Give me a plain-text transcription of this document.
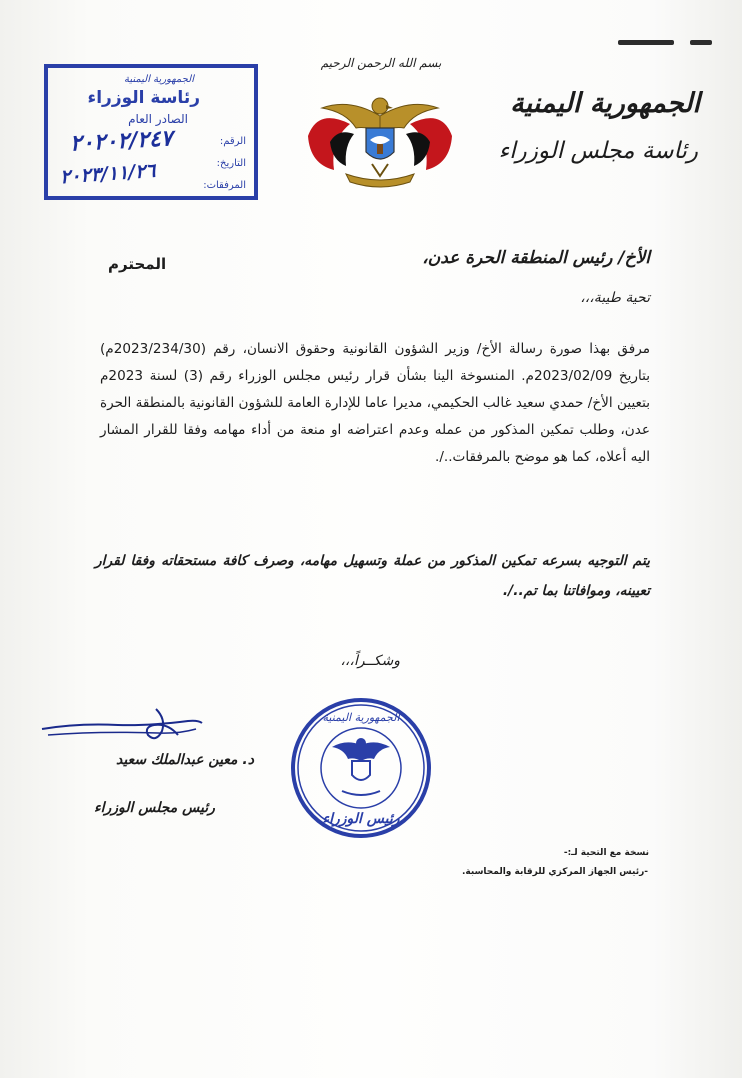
الجمهورية اليمنية
رئاسة مجلس الوزراء
بسم الله الرحمن الرحيم
الجمهورية اليمنية
رئاسة الوزراء
الصادر العام
الرقم:
التاريخ:
المرفقات:
٢٠٢٠٢/٢٤٧
٢٠٢٣/١١/٢٦
الأخ/ رئيس المنطقة الحرة عدن،
المحترم
تحية طيبة،،،
مرفق بهذا صورة رسالة الأخ/ وزير الشؤون القانونية وحقوق الانسان، رقم (2023/234/30م) بتاريخ 2023/02/09م. المنسوخة الينا بشأن قرار رئيس مجلس الوزراء رقم (3) لسنة 2023م بتعيين الأخ/ حمدي سعيد غالب الحكيمي، مديرا عاما للإدارة العامة للشؤون القانونية بالمنطقة الحرة عدن، وطلب تمكين المذكور من عمله وعدم اعتراضه او منعة من أداء مهامه وفقا للقرار المشار اليه أعلاه، كما هو موضح بالمرفقات../.
يتم التوجيه بسرعه تمكين المذكور من عملة وتسهيل مهامه، وصرف كافة مستحقاته وفقا لقرار تعيينه، وموافاتنا بما تم../.
وشكــراً،،،
د. معين عبدالملك سعيد
رئيس مجلس الوزراء
الجمهورية اليمنية
رئيس الوزراء
نسخة مع التحية لـ:-
-رئيس الجهاز المركزي للرقابة والمحاسبة.
